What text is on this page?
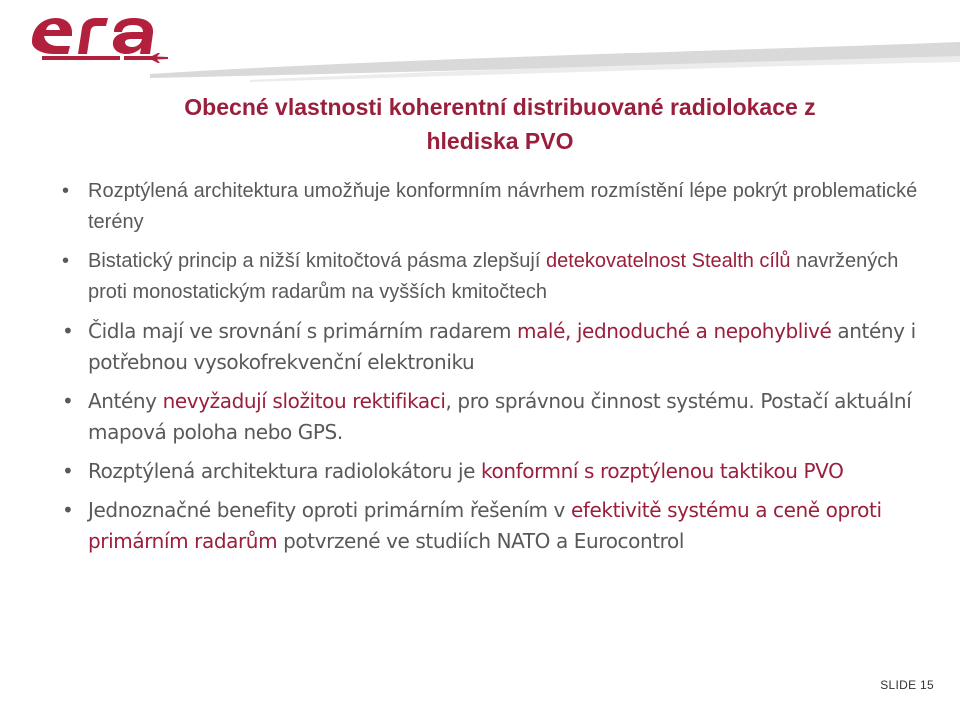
Obecné vlastnosti koherentní distribuované radiolokace z
hlediska PVO
• Rozptýlená architektura umožňuje konformním návrhem rozmístění lépe pokrýt problematické terény
• Bistatický princip a nižší kmitočtová pásma zlepšují detekovatelnost Stealth cílů navržených proti monostatickým radarům na vyšších kmitočtech
• Čidla mají ve srovnání s primárním radarem malé, jednoduché a nepohyblivé antény i potřebnou vysokofrekvenční elektroniku
• Antény nevyžadují složitou rektifikaci, pro správnou činnost systému. Postačí aktuální mapová poloha nebo GPS.
• Rozptýlená architektura radiolokátoru je konformní s rozptýlenou taktikou PVO
• Jednoznačné benefity oproti primárním řešením v efektivitě systému a ceně oproti primárním radarům potvrzené ve studiích NATO a Eurocontrol
SLIDE 15
